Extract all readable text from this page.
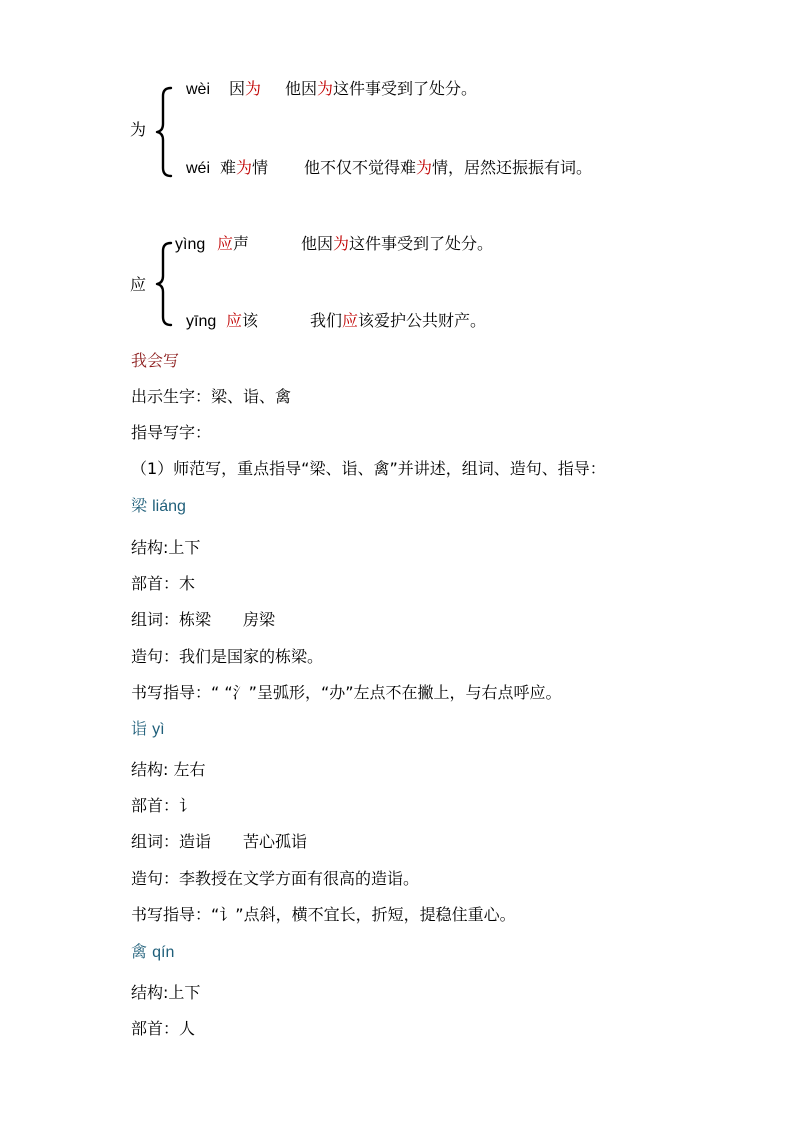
为
wèi 因为 他因为这件事受到了处分。
wéi 难为情 他不仅不觉得难为情，居然还振振有词。
应
yìng 应声	他因为这件事受到了处分。
yīng 应该	我们应该爱护公共财产。
我会写
出示生字：梁、诣、禽
指导写字：
（1）师范写，重点指导“梁、诣、禽”并讲述，组词、造句、指导：
梁 liáng
结构:上下
部首：木
组词：栋梁　　房梁
造句：我们是国家的栋梁。
书写指导：“ “氵”呈弧形，“办”左点不在撇上，与右点呼应。
诣 yì
结构: 左右
部首：讠
组词：造诣　　苦心孤诣
造句：李教授在文学方面有很高的造诣。
书写指导：“讠”点斜，横不宜长，折短，提稳住重心。
禽 qín
结构:上下
部首：人
